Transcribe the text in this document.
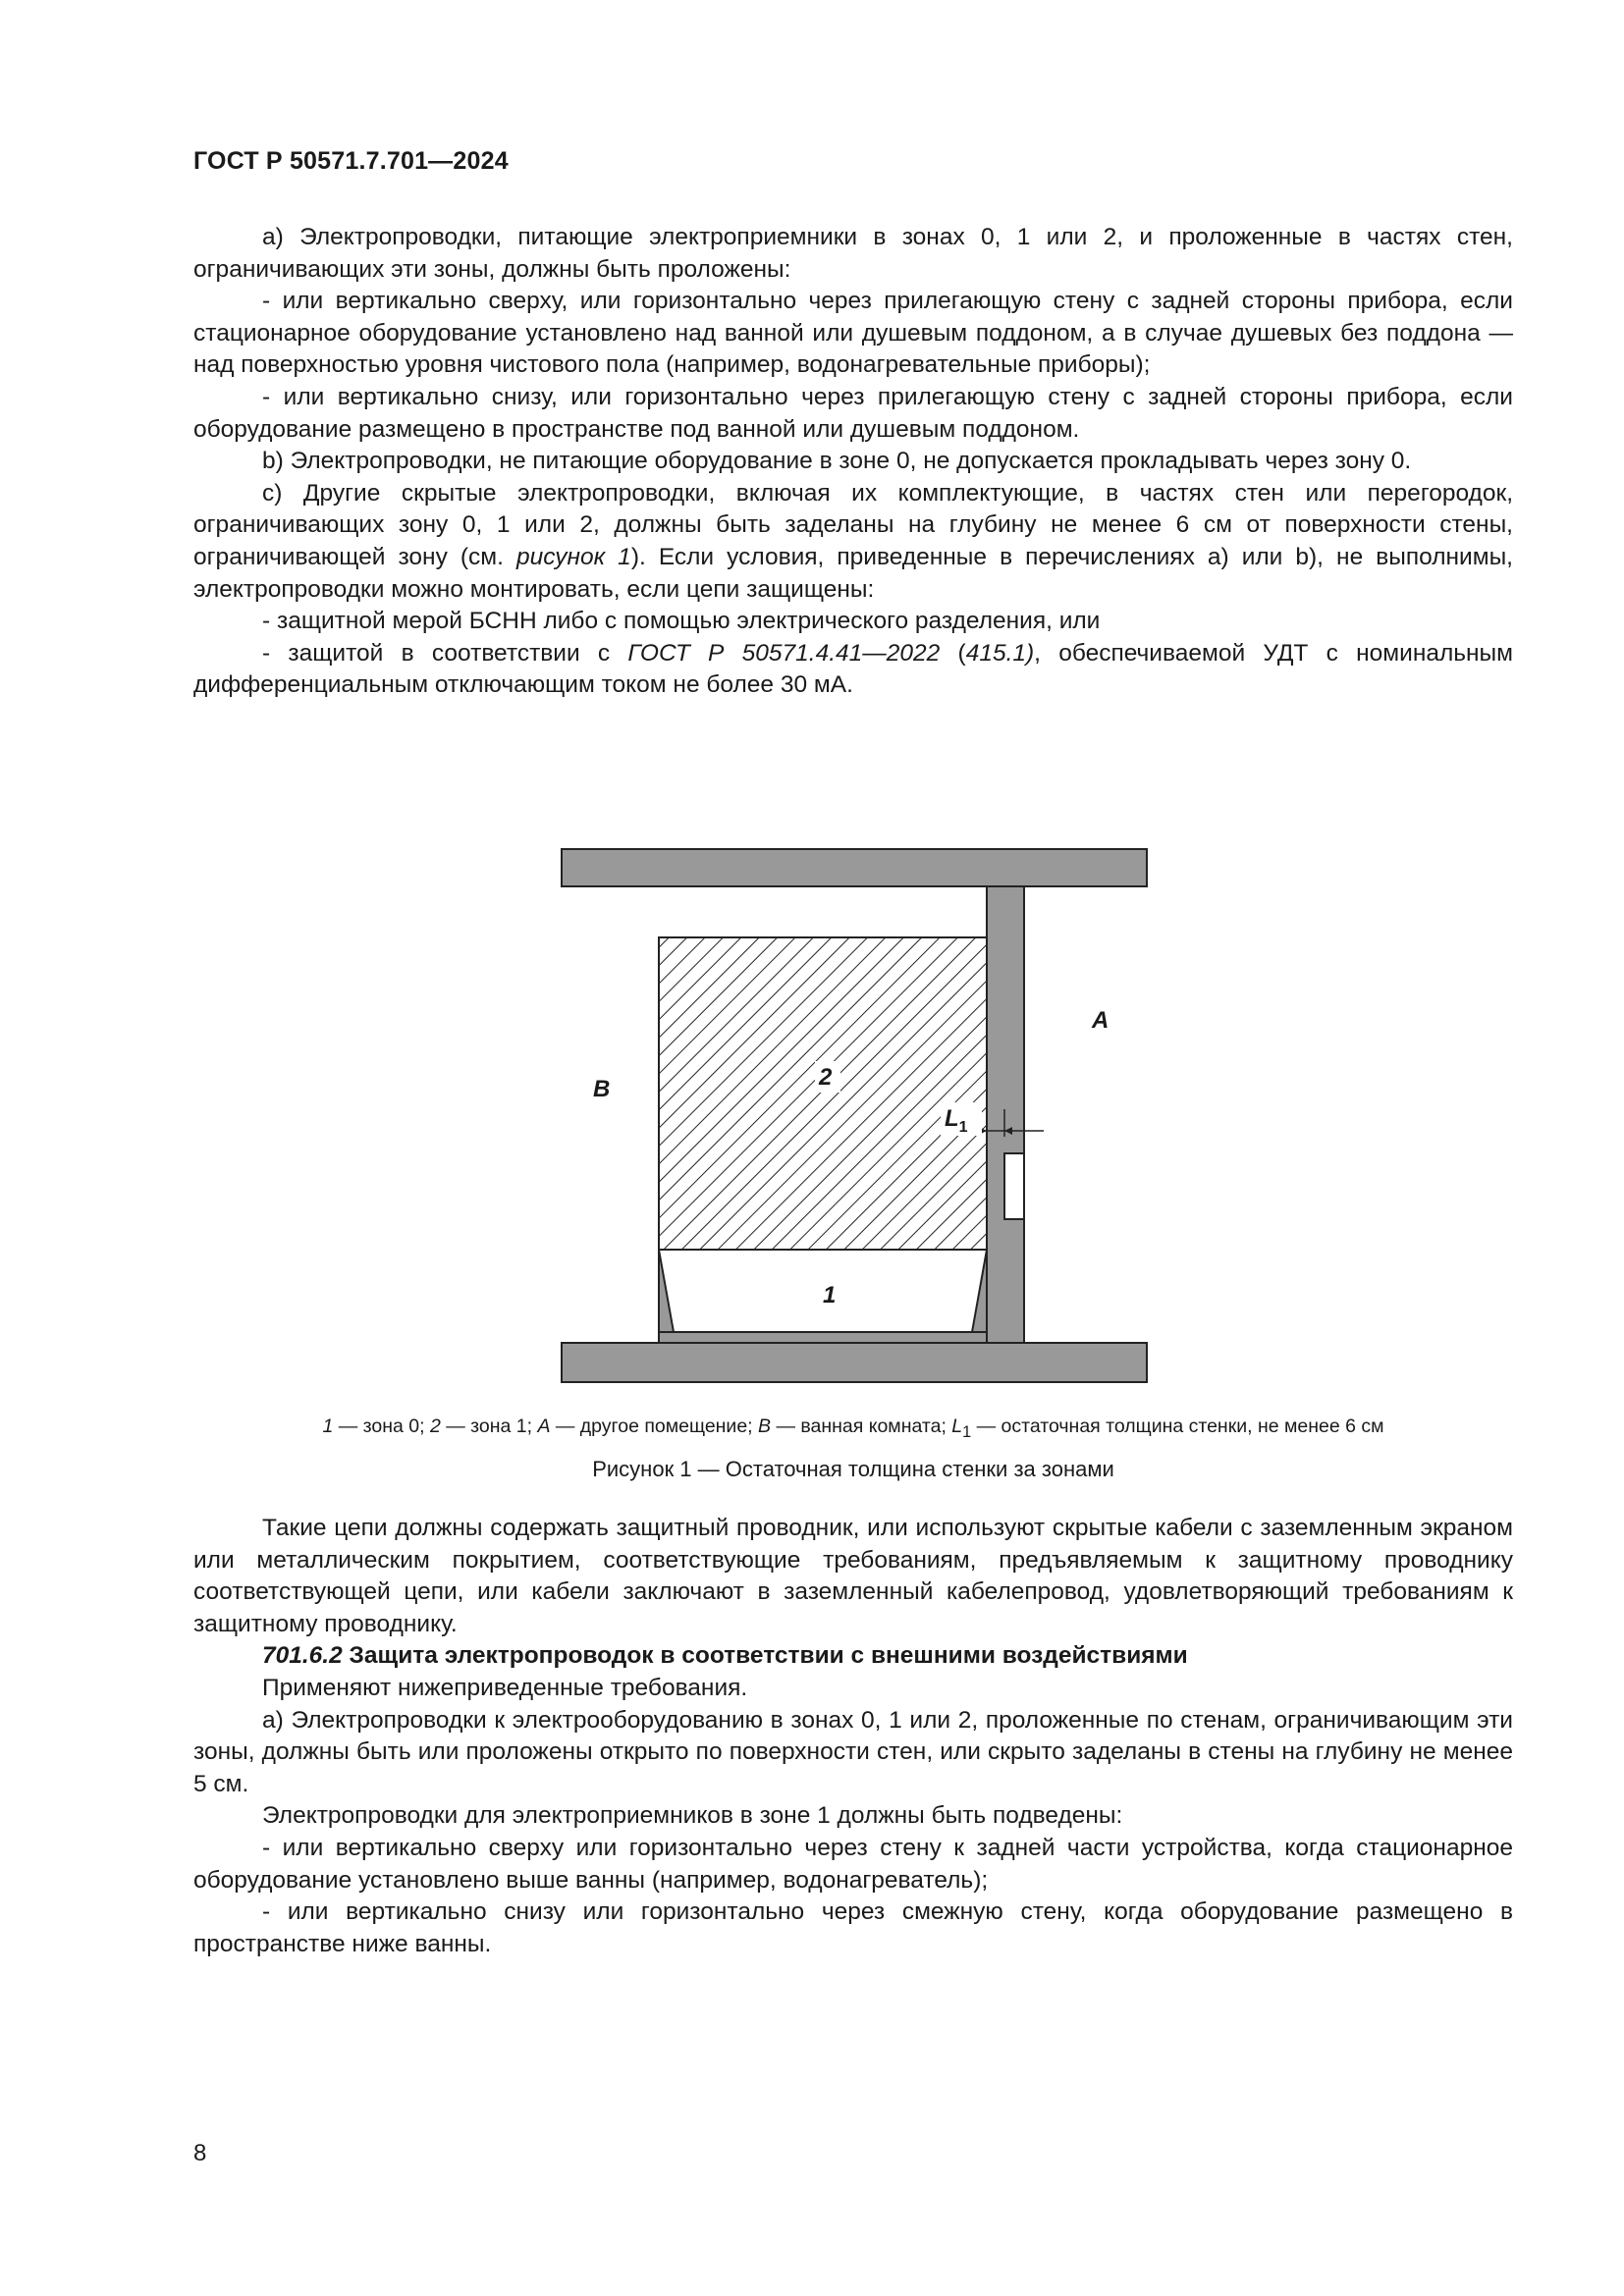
ГОСТ Р 50571.7.701—2024

а) Электропроводки, питающие электроприемники в зонах 0, 1 или 2, и проложенные в частях стен, ограничивающих эти зоны, должны быть проложены:

- или вертикально сверху, или горизонтально через прилегающую стену с задней стороны прибора, если стационарное оборудование установлено над ванной или душевым поддоном, а в случае душевых без поддона — над поверхностью уровня чистового пола (например, водонагревательные приборы);

- или вертикально снизу, или горизонтально через прилегающую стену с задней стороны прибора, если оборудование размещено в пространстве под ванной или душевым поддоном.

b) Электропроводки, не питающие оборудование в зоне 0, не допускается прокладывать через зону 0.

с) Другие скрытые электропроводки, включая их комплектующие, в частях стен или перегородок, ограничивающих зону 0, 1 или 2, должны быть заделаны на глубину не менее 6 см от поверхности стены, ограничивающей зону (см. рисунок 1). Если условия, приведенные в перечислениях а) или b), не выполнимы, электропроводки можно монтировать, если цепи защищены:

- защитной мерой БСНН либо с помощью электрического разделения, или

- защитой в соответствии с ГОСТ Р 50571.4.41—2022 (415.1), обеспечиваемой УДТ с номинальным дифференциальным отключающим током не более 30 мА.

A
B	2
$L_1$
1
1 — зона 0; 2 — зона 1; A — другое помещение; B — ванная комната; $L_1$ — остаточная толщина стенки, не менее 6 см
Рисунок 1 — Остаточная толщина стенки за зонами

Такие цепи должны содержать защитный проводник, или используют скрытые кабели с заземленным экраном или металлическим покрытием, соответствующие требованиям, предъявляемым к защитному проводнику соответствующей цепи, или кабели заключают в заземленный кабелепровод, удовлетворяющий требованиям к защитному проводнику.

701.6.2 Защита электропроводок в соответствии с внешними воздействиями

Применяют нижеприведенные требования.

а) Электропроводки к электрооборудованию в зонах 0, 1 или 2, проложенные по стенам, ограничивающим эти зоны, должны быть или проложены открыто по поверхности стен, или скрыто заделаны в стены на глубину не менее 5 см.

Электропроводки для электроприемников в зоне 1 должны быть подведены:

- или вертикально сверху или горизонтально через стену к задней части устройства, когда стационарное оборудование установлено выше ванны (например, водонагреватель);

- или вертикально снизу или горизонтально через смежную стену, когда оборудование размещено в пространстве ниже ванны.

8
